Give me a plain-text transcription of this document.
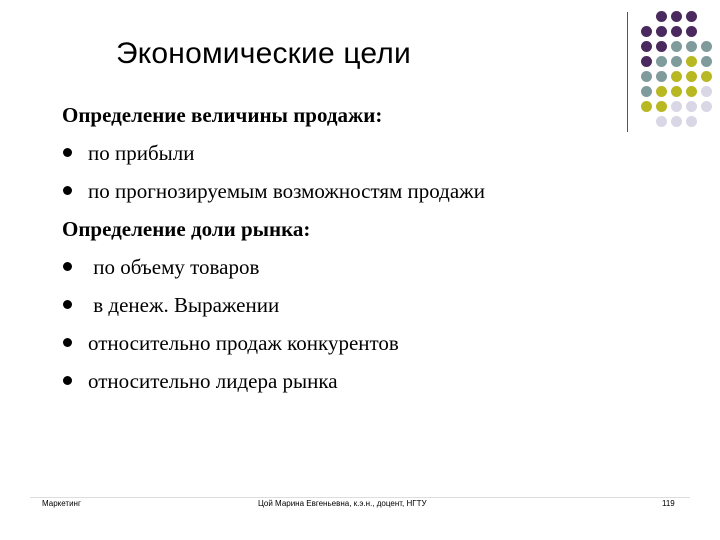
Экономические цели
Определение величины продажи:
по прибыли
по прогнозируемым возможностям продажи
Определение доли рынка:
по объему товаров
в денеж. Выражении
относительно продаж конкурентов
относительно лидера рынка
Маркетинг	Цой Марина Евгеньевна, к.э.н., доцент, НГТУ	119
